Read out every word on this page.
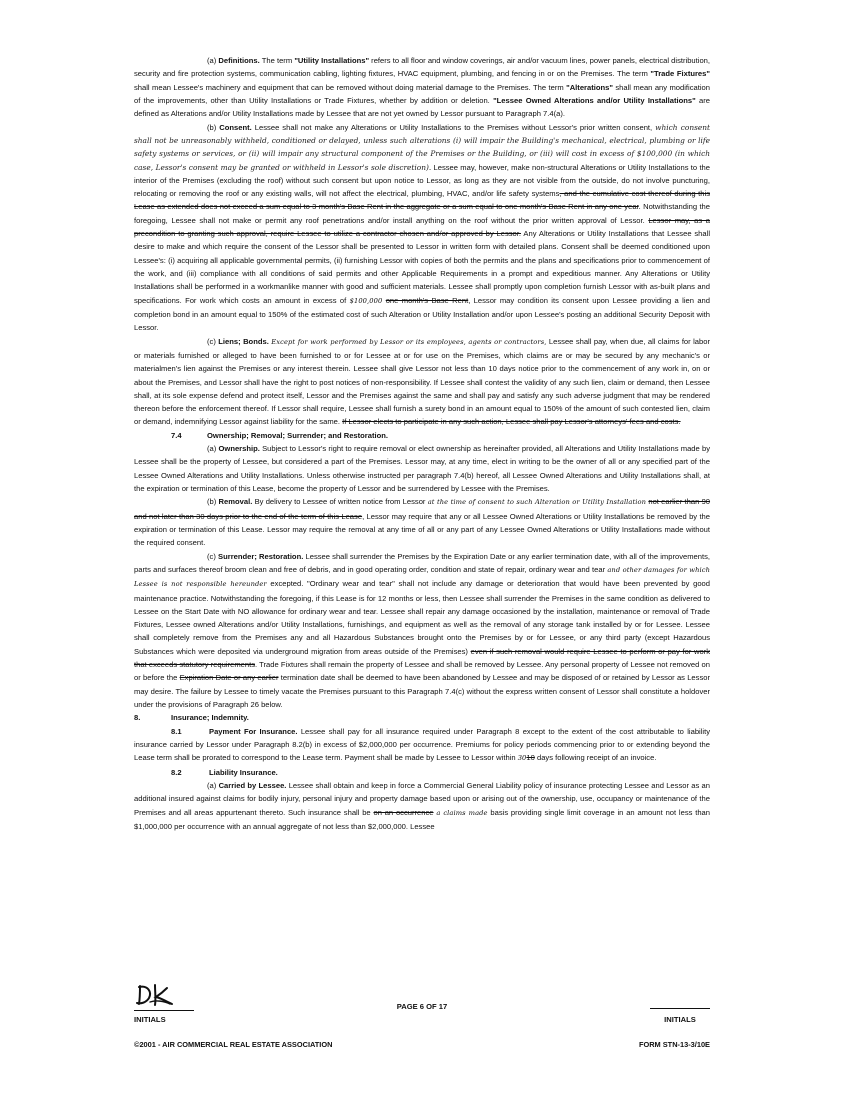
(a) Definitions. The term "Utility Installations" refers to all floor and window coverings, air and/or vacuum lines, power panels, electrical distribution, security and fire protection systems, communication cabling, lighting fixtures, HVAC equipment, plumbing, and fencing in or on the Premises. The term "Trade Fixtures" shall mean Lessee's machinery and equipment that can be removed without doing material damage to the Premises. The term "Alterations" shall mean any modification of the improvements, other than Utility Installations or Trade Fixtures, whether by addition or deletion. "Lessee Owned Alterations and/or Utility Installations" are defined as Alterations and/or Utility Installations made by Lessee that are not yet owned by Lessor pursuant to Paragraph 7.4(a).

(b) Consent. Lessee shall not make any Alterations or Utility Installations to the Premises without Lessor's prior written consent, which consent shall not be unreasonably withheld, conditioned or delayed, unless such alterations (i) will impair the Building's mechanical, electrical, plumbing or life safety systems or services, or (ii) will impair any structural component of the Premises or the Building, or (iii) will cost in excess of $100,000 (in which case, Lessor's consent may be granted or withheld in Lessor's sole discretion). Lessee may, however, make non-structural Alterations or Utility Installations to the interior of the Premises (excluding the roof) without such consent but upon notice to Lessor, as long as they are not visible from the outside, do not involve puncturing, relocating or removing the roof or any existing walls, will not affect the electrical, plumbing, HVAC, and/or life safety systems, and the cumulative cost thereof during this Lease as extended does not exceed a sum equal to 3 month's Base Rent in the aggregate or a sum equal to one month's Base Rent in any one year. Notwithstanding the foregoing, Lessee shall not make or permit any roof penetrations and/or install anything on the roof without the prior written approval of Lessor. Lessor may, as a precondition to granting such approval, require Lessee to utilize a contractor chosen and/or approved by Lessor. Any Alterations or Utility Installations that Lessee shall desire to make and which require the consent of the Lessor shall be presented to Lessor in written form with detailed plans. Consent shall be deemed conditioned upon Lessee's: (i) acquiring all applicable governmental permits, (ii) furnishing Lessor with copies of both the permits and the plans and specifications prior to commencement of the work, and (iii) compliance with all conditions of said permits and other Applicable Requirements in a prompt and expeditious manner. Any Alterations or Utility Installations shall be performed in a workmanlike manner with good and sufficient materials. Lessee shall promptly upon completion furnish Lessor with as-built plans and specifications. For work which costs an amount in excess of $100,000 one month's Base Rent, Lessor may condition its consent upon Lessee providing a lien and completion bond in an amount equal to 150% of the estimated cost of such Alteration or Utility Installation and/or upon Lessee's posting an additional Security Deposit with Lessor.

(c) Liens; Bonds. Except for work performed by Lessor or its employees, agents or contractors, Lessee shall pay, when due, all claims for labor or materials furnished or alleged to have been furnished to or for Lessee at or for use on the Premises, which claims are or may be secured by any mechanic's or materialmen's lien against the Premises or any interest therein. Lessee shall give Lessor not less than 10 days notice prior to the commencement of any work in, on or about the Premises, and Lessor shall have the right to post notices of non-responsibility. If Lessee shall contest the validity of any such lien, claim or demand, then Lessee shall, at its sole expense defend and protect itself, Lessor and the Premises against the same and shall pay and satisfy any such adverse judgment that may be rendered thereon before the enforcement thereof. If Lessor shall require, Lessee shall furnish a surety bond in an amount equal to 150% of the amount of such contested lien, claim or demand, indemnifying Lessor against liability for the same. If Lessor elects to participate in any such action, Lessee shall pay Lessor's attorneys' fees and costs.

7.4	Ownership; Removal; Surrender; and Restoration.

(a) Ownership. Subject to Lessor's right to require removal or elect ownership as hereinafter provided, all Alterations and Utility Installations made by Lessee shall be the property of Lessee, but considered a part of the Premises. Lessor may, at any time, elect in writing to be the owner of all or any specified part of the Lessee Owned Alterations and Utility Installations. Unless otherwise instructed per paragraph 7.4(b) hereof, all Lessee Owned Alterations and Utility Installations shall, at the expiration or termination of this Lease, become the property of Lessor and be surrendered by Lessee with the Premises.

(b) Removal. By delivery to Lessee of written notice from Lessor at the time of consent to such Alteration or Utility Installation not earlier than 90 and not later than 30 days prior to the end of the term of this Lease, Lessor may require that any or all Lessee Owned Alterations or Utility Installations be removed by the expiration or termination of this Lease. Lessor may require the removal at any time of all or any part of any Lessee Owned Alterations or Utility Installations made without the required consent.

(c) Surrender; Restoration. Lessee shall surrender the Premises by the Expiration Date or any earlier termination date, with all of the improvements, parts and surfaces thereof broom clean and free of debris, and in good operating order, condition and state of repair, ordinary wear and tear and other damages for which Lessee is not responsible hereunder excepted. "Ordinary wear and tear" shall not include any damage or deterioration that would have been prevented by good maintenance practice. Notwithstanding the foregoing, if this Lease is for 12 months or less, then Lessee shall surrender the Premises in the same condition as delivered to Lessee on the Start Date with NO allowance for ordinary wear and tear. Lessee shall repair any damage occasioned by the installation, maintenance or removal of Trade Fixtures, Lessee owned Alterations and/or Utility Installations, furnishings, and equipment as well as the removal of any storage tank installed by or for Lessee. Lessee shall completely remove from the Premises any and all Hazardous Substances brought onto the Premises by or for Lessee, or any third party (except Hazardous Substances which were deposited via underground migration from areas outside of the Premises) even if such removal would require Lessee to perform or pay for work that exceeds statutory requirements. Trade Fixtures shall remain the property of Lessee and shall be removed by Lessee. Any personal property of Lessee not removed on or before the Expiration Date or any earlier termination date shall be deemed to have been abandoned by Lessee and may be disposed of or retained by Lessor as Lessor may desire. The failure by Lessee to timely vacate the Premises pursuant to this Paragraph 7.4(c) without the express written consent of Lessor shall constitute a holdover under the provisions of Paragraph 26 below.

8.	Insurance; Indemnity.

8.1	Payment For Insurance. Lessee shall pay for all insurance required under Paragraph 8 except to the extent of the cost attributable to liability insurance carried by Lessor under Paragraph 8.2(b) in excess of $2,000,000 per occurrence. Premiums for policy periods commencing prior to or extending beyond the Lease term shall be prorated to correspond to the Lease term. Payment shall be made by Lessee to Lessor within 3010 days following receipt of an invoice.

8.2	Liability Insurance.

(a) Carried by Lessee. Lessee shall obtain and keep in force a Commercial General Liability policy of insurance protecting Lessee and Lessor as an additional insured against claims for bodily injury, personal injury and property damage based upon or arising out of the ownership, use, occupancy or maintenance of the Premises and all areas appurtenant thereto. Such insurance shall be on an occurrence a claims made basis providing single limit coverage in an amount not less than $1,000,000 per occurrence with an annual aggregate of not less than $2,000,000. Lessee

INITIALS
PAGE 6 OF 17
INITIALS
©2001 - AIR COMMERCIAL REAL ESTATE ASSOCIATION	FORM STN-13-3/10E
